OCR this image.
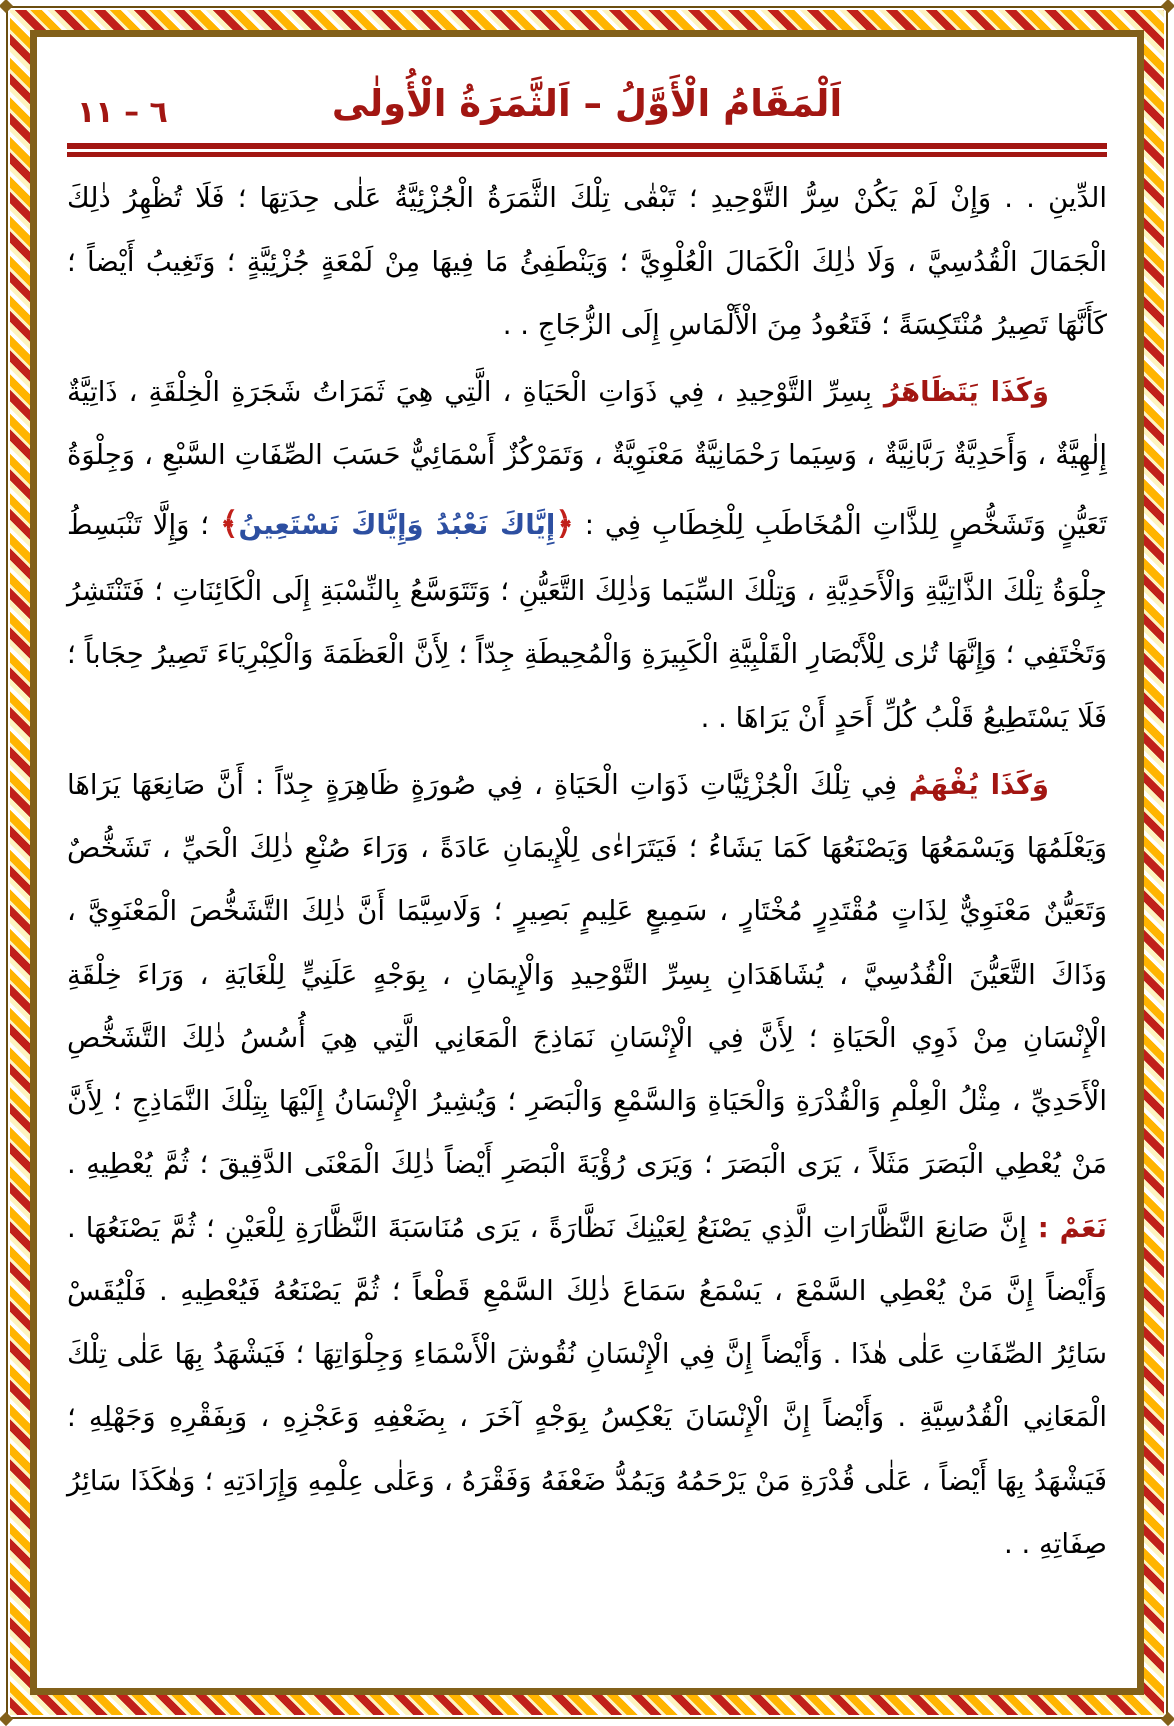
٦ – ١١	اَلْمَقَامُ الْأَوَّلُ – اَلثَّمَرَةُ الْأُولٰى

الدِّينِ . . وَإِنْ لَمْ يَكُنْ سِرُّ التَّوْحِيدِ ؛ تَبْقٰى تِلْكَ الثَّمَرَةُ الْجُزْئِيَّةُ عَلٰى حِدَتِهَا ؛ فَلَا تُظْهِرُ ذٰلِكَ الْجَمَالَ الْقُدُسِيَّ ، وَلَا ذٰلِكَ الْكَمَالَ الْعُلْوِيَّ ؛ وَيَنْطَفِئُ مَا فِيهَا مِنْ لَمْعَةٍ جُزْئِيَّةٍ ؛ وَتَغِيبُ أَيْضاً ؛ كَأَنَّهَا تَصِيرُ مُنْتَكِسَةً ؛ فَتَعُودُ مِنَ الْأَلْمَاسِ إِلَى الزُّجَاجِ . .

وَكَذَا يَتَظَاهَرُ بِسِرِّ التَّوْحِيدِ ، فِي ذَوَاتِ الْحَيَاةِ ، الَّتِي هِيَ ثَمَرَاتُ شَجَرَةِ الْخِلْقَةِ ، ذَاتِيَّةٌ إِلٰهِيَّةٌ ، وَأَحَدِيَّةٌ رَبَّانِيَّةٌ ، وَسِيَما رَحْمَانِيَّةٌ مَعْنَوِيَّةٌ ، وَتَمَرْكُزٌ أَسْمَائِيٌّ حَسَبَ الصِّفَاتِ السَّبْعِ ، وَجِلْوَةُ تَعَيُّنٍ وَتَشَخُّصٍ لِلذَّاتِ الْمُخَاطَبِ لِلْخِطَابِ فِي : ﴿إِيَّاكَ نَعْبُدُ وَإِيَّاكَ نَسْتَعِينُ﴾ ؛ وَإِلَّا تَنْبَسِطُ جِلْوَةُ تِلْكَ الذَّاتِيَّةِ وَالْأَحَدِيَّةِ ، وَتِلْكَ السِّيَما وَذٰلِكَ التَّعَيُّنِ ؛ وَتَتَوَسَّعُ بِالنِّسْبَةِ إِلَى الْكَائِنَاتِ ؛ فَتَنْتَشِرُ وَتَخْتَفِي ؛ وَإِنَّهَا تُرٰى لِلْأَبْصَارِ الْقَلْبِيَّةِ الْكَبِيرَةِ وَالْمُحِيطَةِ جِدّاً ؛ لِأَنَّ الْعَظَمَةَ وَالْكِبْرِيَاءَ تَصِيرُ حِجَاباً ؛ فَلَا يَسْتَطِيعُ قَلْبُ كُلِّ أَحَدٍ أَنْ يَرَاهَا . .

وَكَذَا يُفْهَمُ فِي تِلْكَ الْجُزْئِيَّاتِ ذَوَاتِ الْحَيَاةِ ، فِي صُورَةٍ ظَاهِرَةٍ جِدّاً : أَنَّ صَانِعَهَا يَرَاهَا وَيَعْلَمُهَا وَيَسْمَعُهَا وَيَصْنَعُهَا كَمَا يَشَاءُ ؛ فَيَتَرَاءٰى لِلْإِيمَانِ عَادَةً ، وَرَاءَ صُنْعِ ذٰلِكَ الْحَيِّ ، تَشَخُّصٌ وَتَعَيُّنٌ مَعْنَوِيٌّ لِذَاتٍ مُقْتَدِرٍ مُخْتَارٍ ، سَمِيعٍ عَلِيمٍ بَصِيرٍ ؛ وَلَاسِيَّمَا أَنَّ ذٰلِكَ التَّشَخُّصَ الْمَعْنَوِيَّ ، وَذَاكَ التَّعَيُّنَ الْقُدُسِيَّ ، يُشَاهَدَانِ بِسِرِّ التَّوْحِيدِ وَالْإِيمَانِ ، بِوَجْهٍ عَلَنِيٍّ لِلْغَايَةِ ، وَرَاءَ خِلْقَةِ الْإِنْسَانِ مِنْ ذَوِي الْحَيَاةِ ؛ لِأَنَّ فِي الْإِنْسَانِ نَمَاذِجَ الْمَعَانِي الَّتِي هِيَ أُسُسُ ذٰلِكَ التَّشَخُّصِ الْأَحَدِيِّ ، مِثْلُ الْعِلْمِ وَالْقُدْرَةِ وَالْحَيَاةِ وَالسَّمْعِ وَالْبَصَرِ ؛ وَيُشِيرُ الْإِنْسَانُ إِلَيْهَا بِتِلْكَ النَّمَاذِجِ ؛ لِأَنَّ مَنْ يُعْطِي الْبَصَرَ مَثَلاً ، يَرَى الْبَصَرَ ؛ وَيَرَى رُؤْيَةَ الْبَصَرِ أَيْضاً ذٰلِكَ الْمَعْنَى الدَّقِيقَ ؛ ثُمَّ يُعْطِيهِ . نَعَمْ : إِنَّ صَانِعَ النَّظَّارَاتِ الَّذِي يَصْنَعُ لِعَيْنِكَ نَظَّارَةً ، يَرَى مُنَاسَبَةَ النَّظَّارَةِ لِلْعَيْنِ ؛ ثُمَّ يَصْنَعُهَا . وَأَيْضاً إِنَّ مَنْ يُعْطِي السَّمْعَ ، يَسْمَعُ سَمَاعَ ذٰلِكَ السَّمْعِ قَطْعاً ؛ ثُمَّ يَصْنَعُهُ فَيُعْطِيهِ . فَلْيُقَسْ سَائِرُ الصِّفَاتِ عَلٰى هٰذَا . وَأَيْضاً إِنَّ فِي الْإِنْسَانِ نُقُوشَ الْأَسْمَاءِ وَجِلْوَاتِهَا ؛ فَيَشْهَدُ بِهَا عَلٰى تِلْكَ الْمَعَانِي الْقُدُسِيَّةِ . وَأَيْضاً إِنَّ الْإِنْسَانَ يَعْكِسُ بِوَجْهٍ آخَرَ ، بِضَعْفِهِ وَعَجْزِهِ ، وَبِفَقْرِهِ وَجَهْلِهِ ؛ فَيَشْهَدُ بِهَا أَيْضاً ، عَلٰى قُدْرَةِ مَنْ يَرْحَمُهُ وَيَمُدُّ ضَعْفَهُ وَفَقْرَهُ ، وَعَلٰى عِلْمِهِ وَإِرَادَتِهِ ؛ وَهٰكَذَا سَائِرُ صِفَاتِهِ . .
